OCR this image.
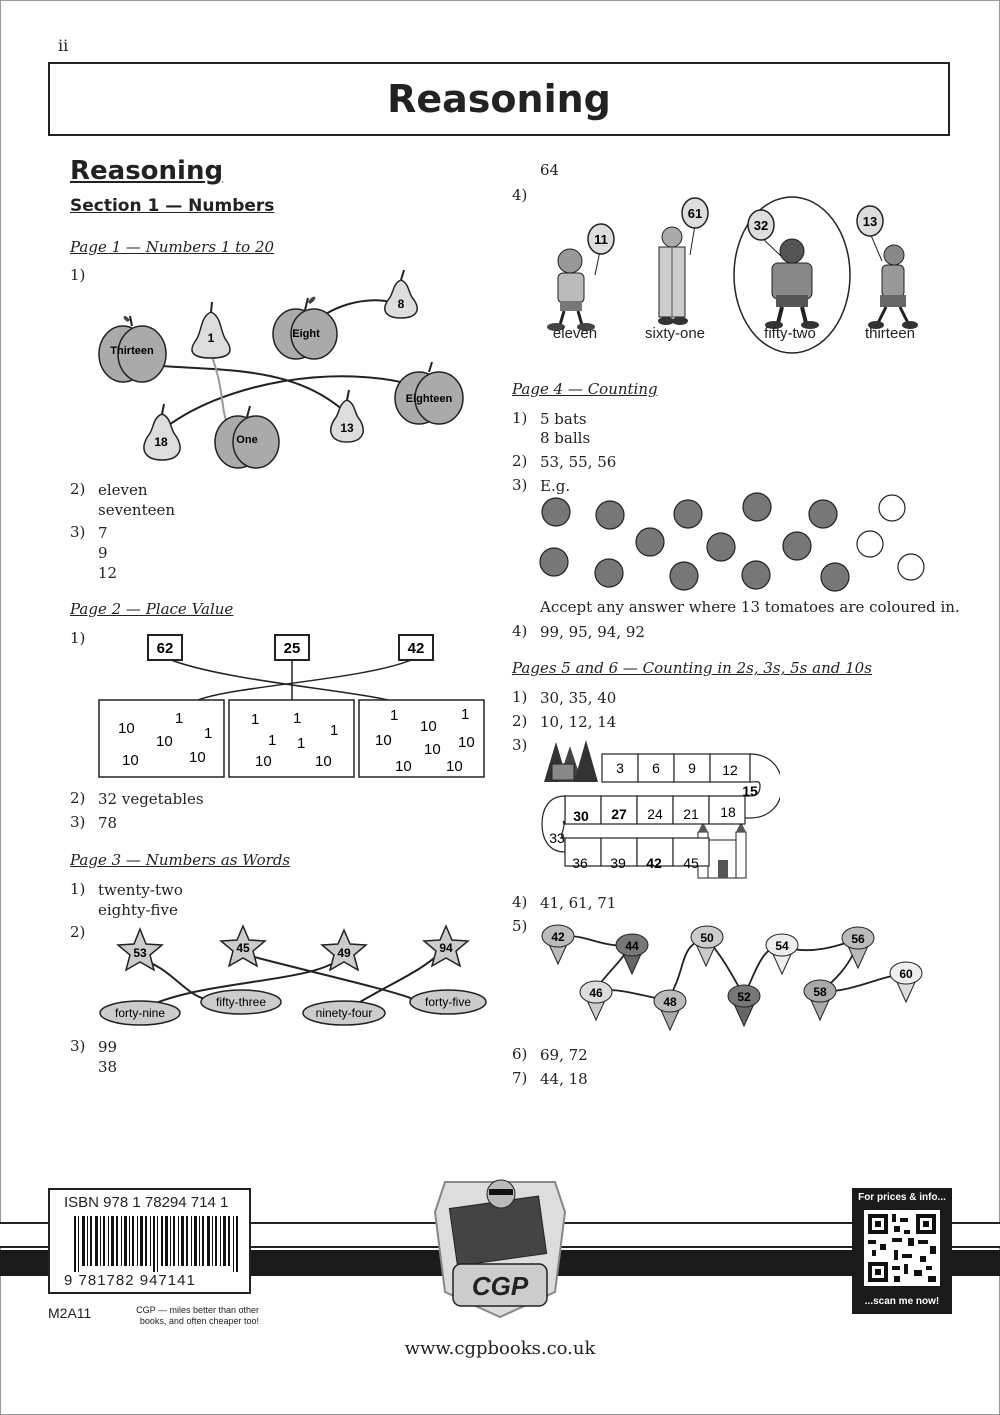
ii
Reasoning
Reasoning
Section 1 — Numbers
Page 1 — Numbers 1 to 20
1)
Thirteen
1	Eight
8
18	One
13
Eighteen
2) eleven
seventeen
3) 7
9
12
Page 2 — Place Value
1)
62	25	42
1
10	1
10
10	10
1 1
1
1 1
10	10
1
10
1
10
10 10
10 10
2) 32 vegetables
3) 78
Page 3 — Numbers as Words
1) twenty-two
eighty-five
2)
53	45	49	94
forty-nine
fifty-three
ninety-four
forty-five
3) 99
38
64
4)
11
61
32	13
eleven	sixty-one	fifty-two	thirteen
Page 4 — Counting
1) 5 bats
8 balls
2) 53, 55, 56
3) E.g.
Accept any answer where 13 tomatoes are coloured in.
4) 99, 95, 94, 92
Pages 5 and 6 — Counting in 2s, 3s, 5s and 10s
1) 30, 35, 40
2) 10, 12, 14
3)
3 6 9 12
15
18
21
24
27
30
33
36 39 42 45
4) 41, 61, 71
5)
42
44
46
48
50
52
54	56
58
60
6) 69, 72
7) 44, 18
ISBN 978 1 78294 714 1
9 781782 947141
M2A11	CGP — miles better than other books, and often cheaper too!
CGP
For prices & info...
...scan me now!
www.cgpbooks.co.uk
